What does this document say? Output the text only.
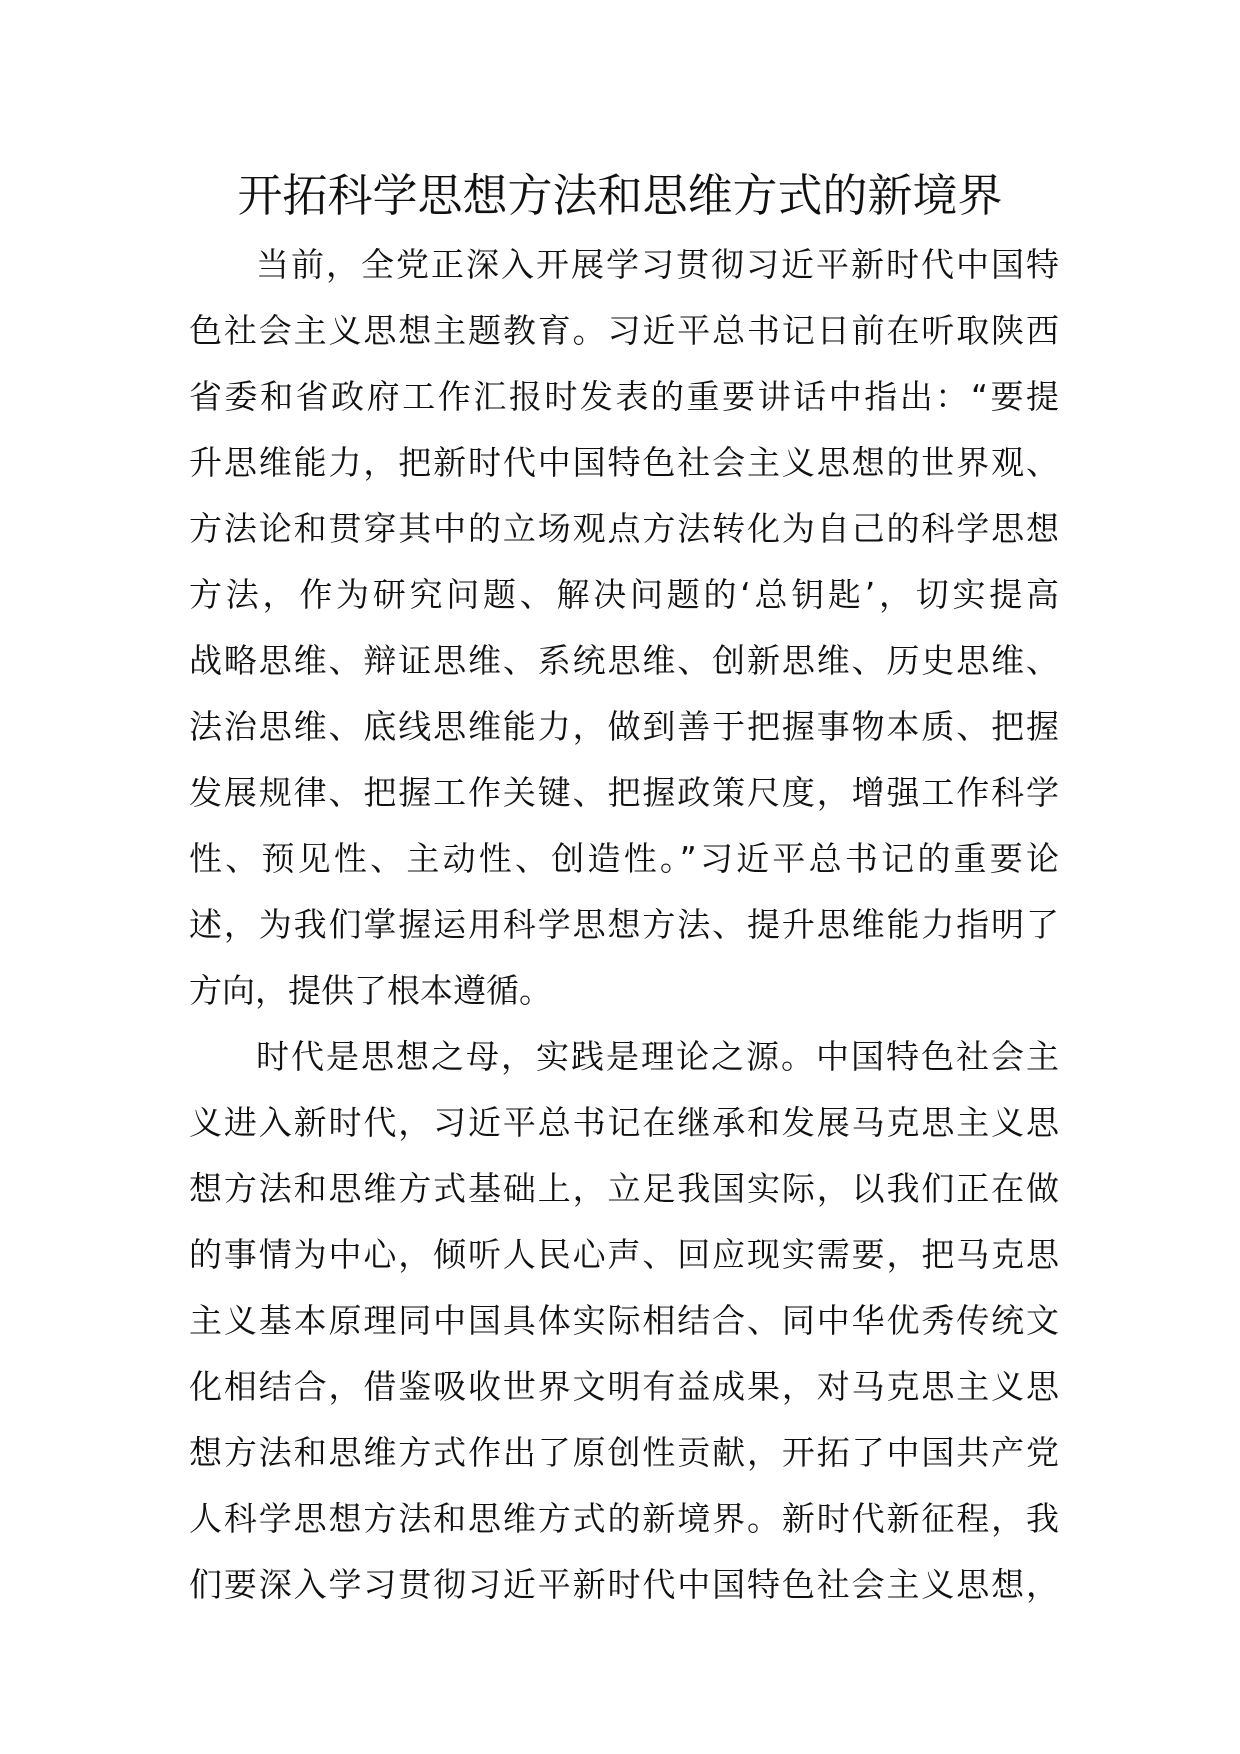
开拓科学思想方法和思维方式的新境界
当前，全党正深入开展学习贯彻习近平新时代中国特
色社会主义思想主题教育。习近平总书记日前在听取陕西
省委和省政府工作汇报时发表的重要讲话中指出：“要提
升思维能力，把新时代中国特色社会主义思想的世界观、
方法论和贯穿其中的立场观点方法转化为自己的科学思想
方法，作为研究问题、解决问题的‘总钥匙’，切实提高
战略思维、辩证思维、系统思维、创新思维、历史思维、
法治思维、底线思维能力，做到善于把握事物本质、把握
发展规律、把握工作关键、把握政策尺度，增强工作科学
性、预见性、主动性、创造性。”习近平总书记的重要论
述，为我们掌握运用科学思想方法、提升思维能力指明了
方向，提供了根本遵循。
时代是思想之母，实践是理论之源。中国特色社会主
义进入新时代，习近平总书记在继承和发展马克思主义思
想方法和思维方式基础上，立足我国实际，以我们正在做
的事情为中心，倾听人民心声、回应现实需要，把马克思
主义基本原理同中国具体实际相结合、同中华优秀传统文
化相结合，借鉴吸收世界文明有益成果，对马克思主义思
想方法和思维方式作出了原创性贡献，开拓了中国共产党
人科学思想方法和思维方式的新境界。新时代新征程，我
们要深入学习贯彻习近平新时代中国特色社会主义思想，
